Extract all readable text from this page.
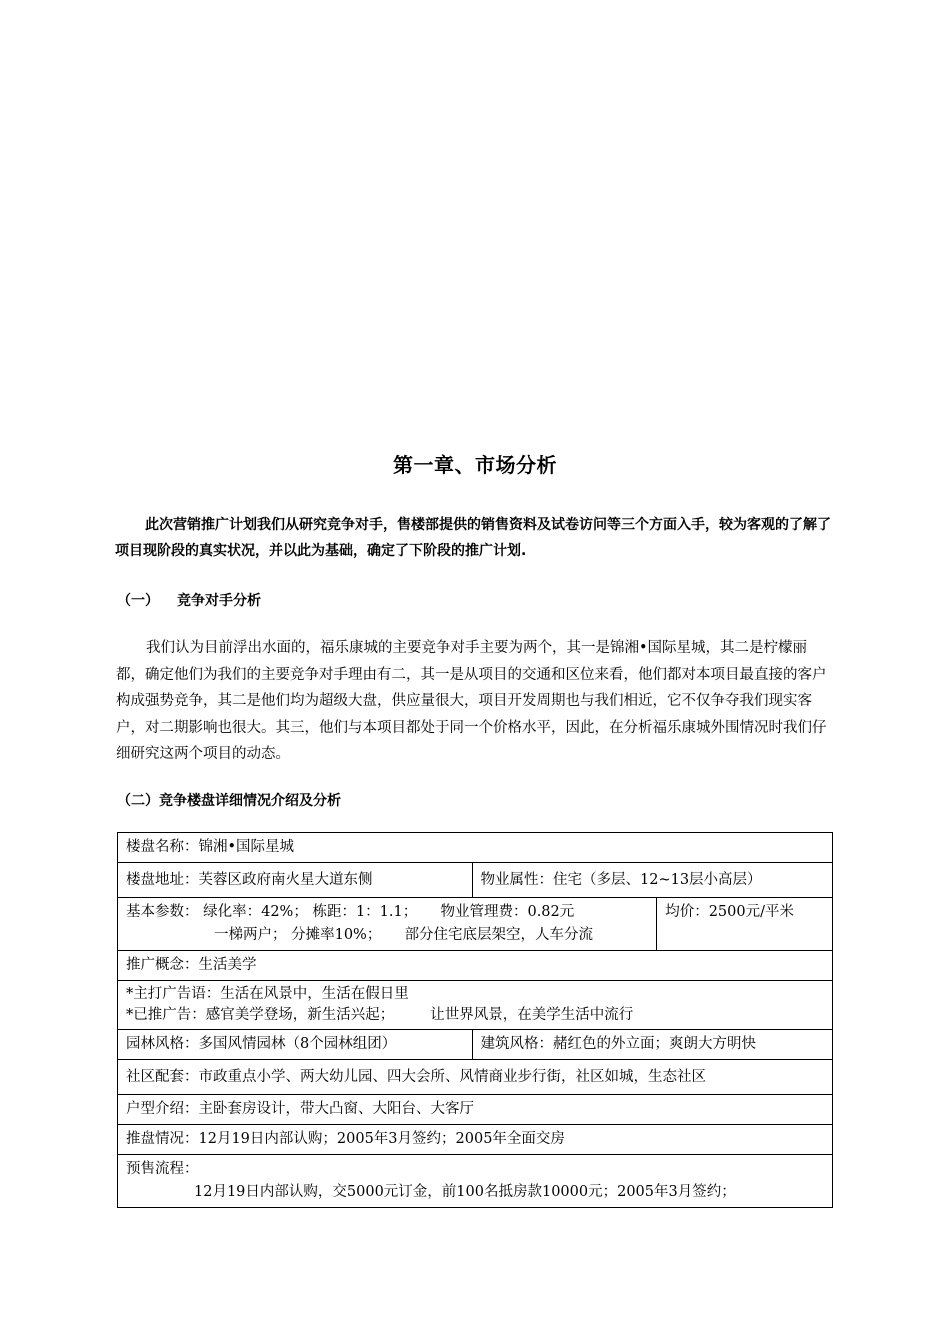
第一章、市场分析
此次营销推广计划我们从研究竞争对手，售楼部提供的销售资料及试卷访问等三个方面入手，较为客观的了解了项目现阶段的真实状况，并以此为基础，确定了下阶段的推广计划.
（一） 竞争对手分析
我们认为目前浮出水面的，福乐康城的主要竞争对手主要为两个，其一是锦湘•国际星城，其二是柠檬丽都，确定他们为我们的主要竞争对手理由有二，其一是从项目的交通和区位来看，他们都对本项目最直接的客户构成强势竞争，其二是他们均为超级大盘，供应量很大，项目开发周期也与我们相近，它不仅争夺我们现实客户，对二期影响也很大。其三，他们与本项目都处于同一个价格水平，因此，在分析福乐康城外围情况时我们仔细研究这两个项目的动态。
（二）竞争楼盘详细情况介绍及分析
楼盘名称：锦湘•国际星城		
楼盘地址：芙蓉区政府南火星大道东侧	物业属性：住宅（多层、12~13层小高层）	

基本参数： 绿化率：42%； 栋距：1：1.1； 物业管理费：0.82元
一梯两户； 分摊率10%； 部分住宅底层架空，人车分流		均价：2500元/平米
推广概念：生活美学		

*主打广告语：生活在风景中，生活在假日里
*已推广告：感官美学登场，新生活兴起； 让世界风景，在美学生活中流行		

园林风格：多国风情园林（8个园林组团）	建筑风格：赭红色的外立面；爽朗大方明快	
社区配套：市政重点小学、两大幼儿园、四大会所、风情商业步行街，社区如城，生态社区		
户型介绍：主卧套房设计，带大凸窗、大阳台、大客厅		
推盘情况：12月19日内部认购；2005年3月签约；2005年全面交房		

预售流程：
12月19日内部认购，交5000元订金，前100名抵房款10000元；2005年3月签约；		
